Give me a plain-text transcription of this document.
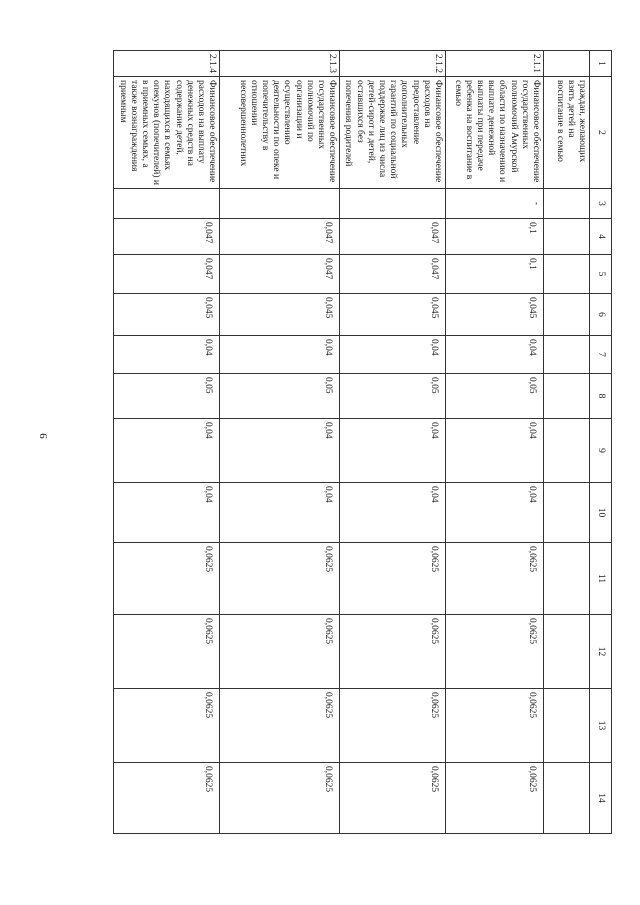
9
1	2	3	4	5	6	7	8	9	10	11	12	13	14
	граждан, желающих взять детей на воспитание в семью												
2.1.1	Финансовое обеспечение государственных полномочий Амурской области по назначению и выплате денежной выплаты при передаче ребенка на воспитание в семью	-	0,1	0,1	0,045	0,04	0,05	0,04	0,04	0,0625	0,0625	0,0625	0,0625
2.1.2	Финансовое обеспечение расходов на предоставление дополнительных гарантий по социальной поддержке лиц из числа детей-сирот и детей, оставшихся без попечения родителей		0,047	0,047	0,045	0,04	0,05	0,04	0,04	0,0625	0,0625	0,0625	0,0625
2.1.3	Финансовое обеспечение государственных полномочий по организации и осуществлению деятельности по опеке и попечительству в отношении несовершеннолетних		0,047	0,047	0,045	0,04	0,05	0,04	0,04	0,0625	0,0625	0,0625	0,0625
2.1.4	Финансовое обеспечение расходов на выплату денежных средств на содержание детей, находящихся в семьях опекунов (попечителей) и в приемных семьях, а также вознаграждения приемным		0,047	0,047	0,045	0,04	0,05	0,04	0,04	0,0625	0,0625	0,0625	0,0625
